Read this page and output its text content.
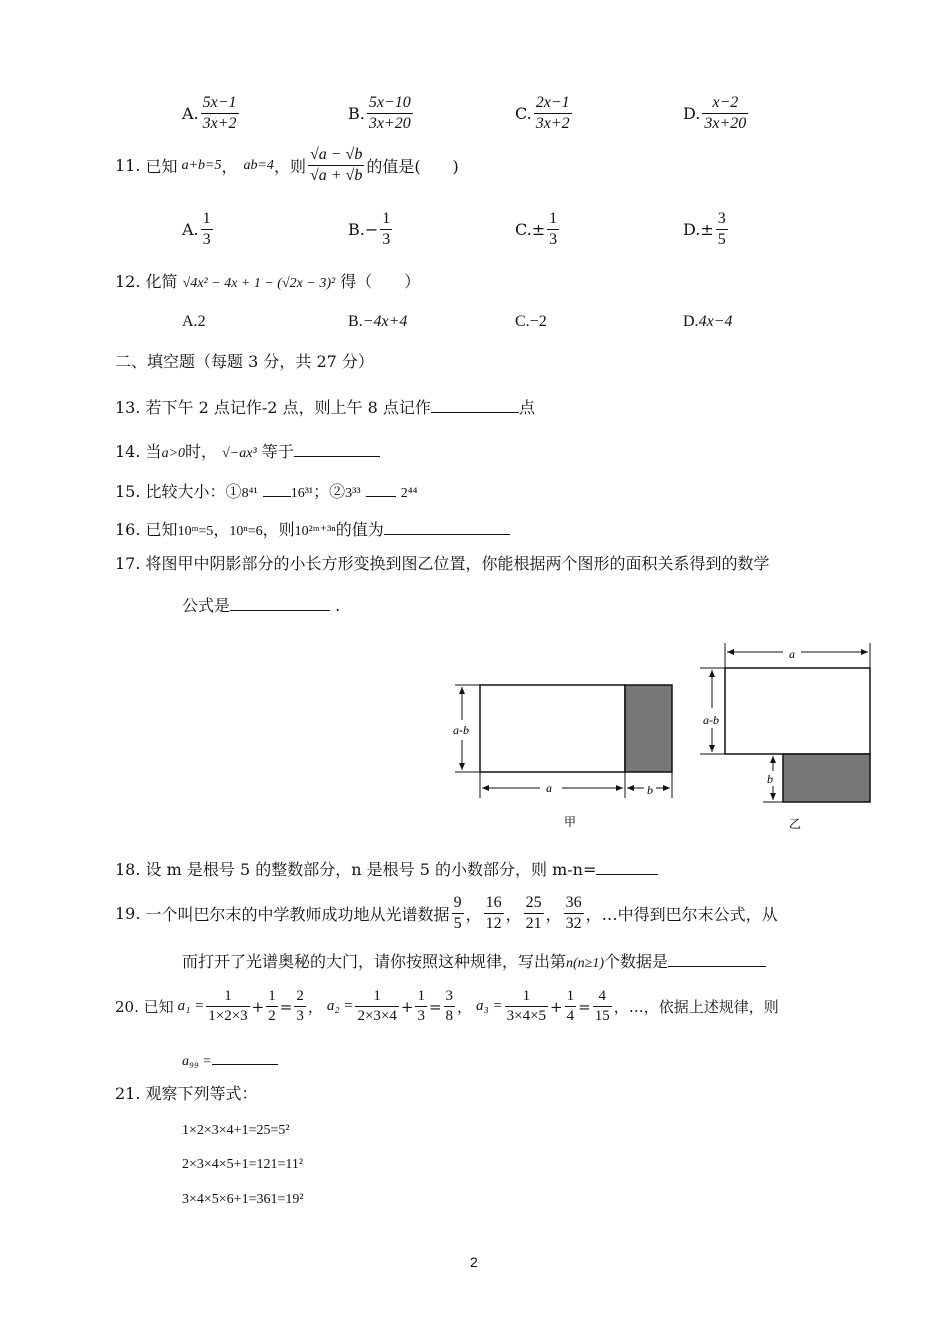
A. $\frac{5x-1}{3x+2}$	B. $\frac{5x-10}{3x+20}$	C. $\frac{2x-1}{3x+2}$	D. $\frac{x-2}{3x+20}$
11.
已知 a+b=5 ， ab=4 ，则 $\frac{√a - √b}{√a + √b}$ 的值是(　　)
A. $\frac{1}{3}$	B. − $\frac{1}{3}$	C. ± $\frac{1}{3}$	D. ± $\frac{3}{5}$
12. 化简 √4x² − 4x + 1 − (√2x − 3)² 得（　　）
A.2	B.−4x+4	C.−2	D.4x−4
二、填空题（每题 3 分，共 27 分）
13. 若下午 2 点记作-2 点，则上午 8 点记作	点
14. 当a>0时， √−ax³ 等于
15. 比较大小：①8⁴¹ 16³¹；②3³³	2⁴⁴
16. 已知10ᵐ=5，10ⁿ=6，则10²ᵐ⁺³ⁿ的值为
17. 将图甲中阴影部分的小长方形变换到图乙位置，你能根据两个图形的面积关系得到的数学
公式是	.
a-b
a	b
甲
a
a-b
b
乙
18. 设 m 是根号 5 的整数部分，n 是根号 5 的小数部分，则 m-n=
19.
一个叫巴尔末的中学教师成功地从光谱数据 $\frac{9}{5}$ ， $\frac{16}{12}$ ， $\frac{25}{21}$ ， $\frac{36}{32}$ ，…中得到巴尔末公式，从
而打开了光谱奥秘的大门，请你按照这种规律，写出第n(n≥1)个数据是
20.
已知 $a_1 = \frac{1}{1\times 2\times 3} + \frac{1}{2} = \frac{2}{3}$ ， $a_2 = \frac{1}{2\times 3\times 4} + \frac{1}{3} = \frac{3}{8}$ ， $a_3 = \frac{1}{3\times 4\times 5} + \frac{1}{4} = \frac{4}{15}$ ，…，依据上述规律，则
a₉₉ =
21. 观察下列等式：
1×2×3×4+1=25=5²
2×3×4×5+1=121=11²
3×4×5×6+1=361=19²
2
